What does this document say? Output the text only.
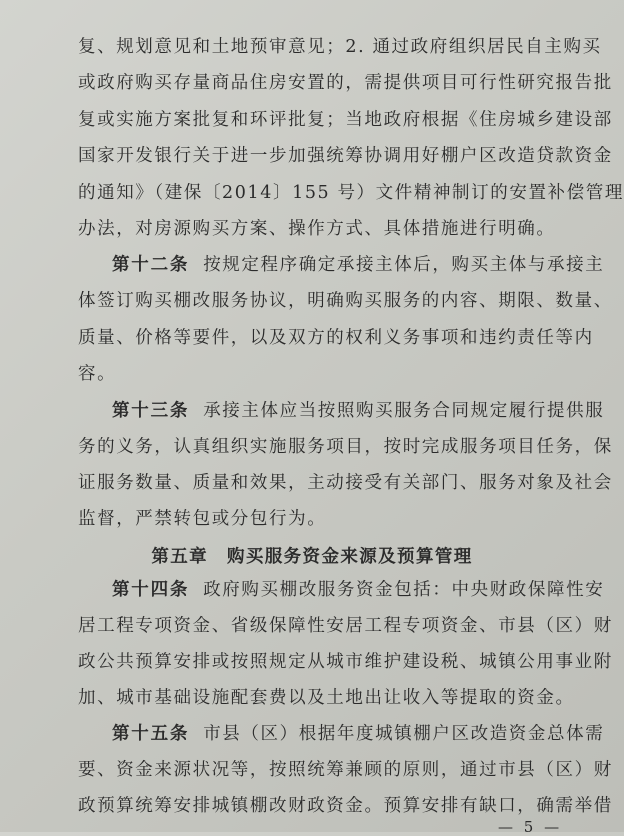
复、规划意见和土地预审意见；2. 通过政府组织居民自主购买
或政府购买存量商品住房安置的，需提供项目可行性研究报告批
复或实施方案批复和环评批复；当地政府根据《住房城乡建设部
国家开发银行关于进一步加强统筹协调用好棚户区改造贷款资金
的通知》（建保〔2014〕155 号）文件精神制订的安置补偿管理
办法，对房源购买方案、操作方式、具体措施进行明确。
第十二条 按规定程序确定承接主体后，购买主体与承接主
体签订购买棚改服务协议，明确购买服务的内容、期限、数量、
质量、价格等要件，以及双方的权利义务事项和违约责任等内
容。
第十三条 承接主体应当按照购买服务合同规定履行提供服
务的义务，认真组织实施服务项目，按时完成服务项目任务，保
证服务数量、质量和效果，主动接受有关部门、服务对象及社会
监督，严禁转包或分包行为。
第五章　购买服务资金来源及预算管理
第十四条 政府购买棚改服务资金包括：中央财政保障性安
居工程专项资金、省级保障性安居工程专项资金、市县（区）财
政公共预算安排或按照规定从城市维护建设税、城镇公用事业附
加、城市基础设施配套费以及土地出让收入等提取的资金。
第十五条 市县（区）根据年度城镇棚户区改造资金总体需
要、资金来源状况等，按照统筹兼顾的原则，通过市县（区）财
政预算统筹安排城镇棚改财政资金。预算安排有缺口，确需举借
— 5 —
